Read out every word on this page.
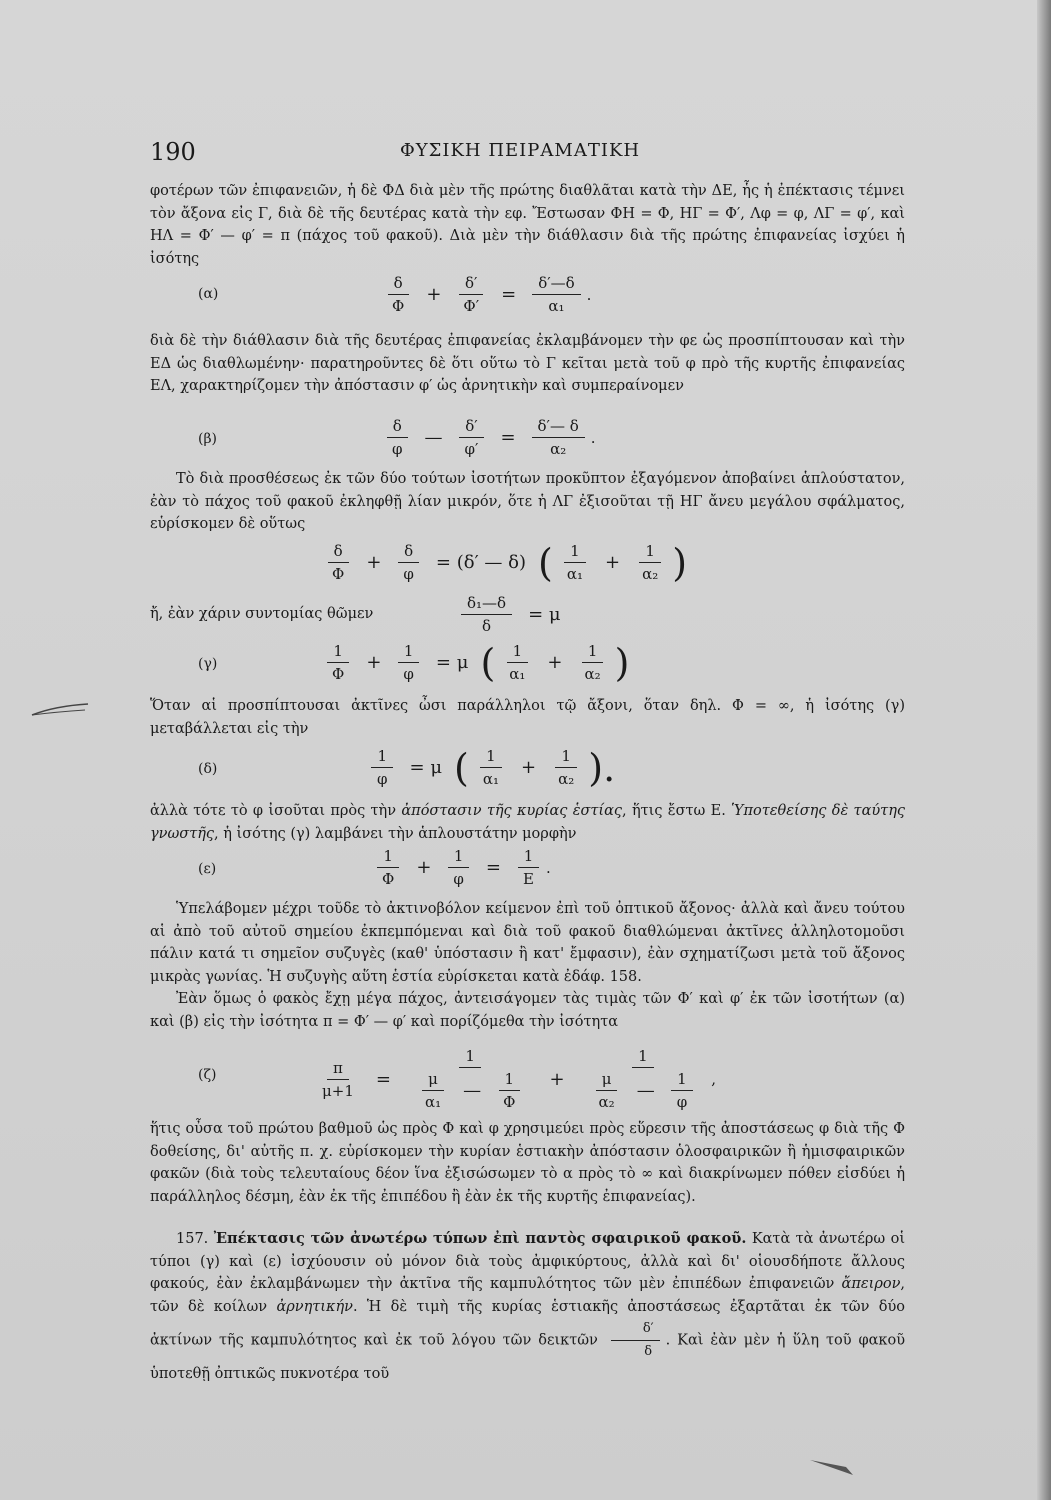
190	ΦΥΣΙΚΗ ΠΕΙΡΑΜΑΤΙΚΗ

φοτέρων τῶν ἐπιφανειῶν, ἡ δὲ ΦΔ διὰ μὲν τῆς πρώτης διαθλᾶται κατὰ τὴν ΔΕ, ἧς ἡ ἐπέκτασις τέμνει τὸν ἄξονα εἰς Γ, διὰ δὲ τῆς δευτέρας κατὰ τὴν εφ. Ἔστωσαν ΦΗ = Φ, ΗΓ = Φ′, Λφ = φ, ΛΓ = φ′, καὶ ΗΛ = Φ′ — φ′ = π (πάχος τοῦ φακοῦ). Διὰ μὲν τὴν διάθλασιν διὰ τῆς πρώτης ἐπιφανείας ἰσχύει ἡ ἰσότης

(α)	$\frac{\delta}{\Phi} + \frac{\delta'}{\Phi'} = \frac{\delta'—\delta}{\text{α₁}}$ .

διὰ δὲ τὴν διάθλασιν διὰ τῆς δευτέρας ἐπιφανείας ἐκλαμβάνομεν τὴν φε ὡς προσπίπτουσαν καὶ τὴν ΕΔ ὡς διαθλωμένην· παρατηροῦντες δὲ ὅτι οὕτω τὸ Γ κεῖται μετὰ τοῦ φ πρὸ τῆς κυρτῆς ἐπιφανείας ΕΛ, χαρακτηρίζομεν τὴν ἀπόστασιν φ′ ὡς ἀρνητικὴν καὶ συμπεραίνομεν

(β)	$\frac{\delta}{\varphi}$ — $\frac{\delta'}{\varphi'} = \frac{\delta'— \delta}{\text{α₂}}$ .

Τὸ διὰ προσθέσεως ἐκ τῶν δύο τούτων ἰσοτήτων προκῦπτον ἐξαγόμενον ἀποβαίνει ἁπλούστατον, ἐὰν τὸ πάχος τοῦ φακοῦ ἐκληφθῇ λίαν μικρόν, ὅτε ἡ ΛΓ ἐξισοῦται τῇ ΗΓ ἄνευ μεγάλου σφάλματος, εὑρίσκομεν δὲ οὕτως

$\frac{\delta}{\Phi} + \frac{\delta}{\varphi} = (\delta'$ — δ) ( $\frac{1}{\text{α₁}} + \frac{1}{\text{α₂}}$ )
ἤ, ἐὰν χάριν συντομίας θῶμεν	$\frac{\text{δ₁—δ}}{\delta} = \mu$
(γ)	$\frac{1}{\Phi} + \frac{1}{\varphi} = \mu$ ( $\frac{1}{\text{α₁}} + \frac{1}{\text{α₂}}$ )

Ὅταν αἱ προσπίπτουσαι ἀκτῖνες ὦσι παράλληλοι τῷ ἄξονι, ὅταν δηλ. Φ = ∞, ἡ ἰσότης (γ) μεταβάλλεται εἰς τὴν

(δ)	$\frac{1}{\varphi} = \mu$ ( $\frac{1}{\text{α₁}} + \frac{1}{\text{α₂}}$ ).

ἀλλὰ τότε τὸ φ ἰσοῦται πρὸς τὴν ἀπόστασιν τῆς κυρίας ἑστίας, ἥτις ἔστω Ε. Ὑποτεθείσης δὲ ταύτης γνωστῆς, ἡ ἰσότης (γ) λαμβάνει τὴν ἁπλουστάτην μορφὴν

(ε)	$\frac{1}{\Phi} + \frac{1}{\varphi} = \frac{1}{E}$ .

Ὑπελάβομεν μέχρι τοῦδε τὸ ἀκτινοβόλον κείμενον ἐπὶ τοῦ ὀπτικοῦ ἄξονος· ἀλλὰ καὶ ἄνευ τούτου αἱ ἀπὸ τοῦ αὐτοῦ σημείου ἐκπεμπόμεναι καὶ διὰ τοῦ φακοῦ διαθλώμεναι ἀκτῖνες ἀλληλοτομοῦσι πάλιν κατά τι σημεῖον συζυγὲς (καθ' ὑπόστασιν ἢ κατ' ἔμφασιν), ἐὰν σχηματίζωσι μετὰ τοῦ ἄξονος μικρὰς γωνίας. Ἡ συζυγὴς αὕτη ἑστία εὑρίσκεται κατὰ ἐδάφ. 158.

Ἐὰν ὅμως ὁ φακὸς ἔχῃ μέγα πάχος, ἀντεισάγομεν τὰς τιμὰς τῶν Φ′ καὶ φ′ ἐκ τῶν ἰσοτήτων (α) καὶ (β) εἰς τὴν ἰσότητα π = Φ′ — φ′ καὶ πορίζόμεθα τὴν ἰσότητα

(ζ)	$\frac{\pi}{\mu+1} = \frac{1}{\frac{\mu}{\text{α₁}} — \frac{1}{\Phi}} + \frac{1}{\frac{\mu}{\text{α₂}} — \frac{1}{\varphi}}$ ,

ἥτις οὖσα τοῦ πρώτου βαθμοῦ ὡς πρὸς Φ καὶ φ χρησιμεύει πρὸς εὕρεσιν τῆς ἀποστάσεως φ διὰ τῆς Φ δοθείσης, δι' αὐτῆς π. χ. εὑρίσκομεν τὴν κυρίαν ἑστιακὴν ἀπόστασιν ὁλοσφαιρικῶν ἢ ἡμισφαιρικῶν φακῶν (διὰ τοὺς τελευταίους δέον ἵνα ἐξισώσωμεν τὸ α πρὸς τὸ ∞ καὶ διακρίνωμεν πόθεν εἰσδύει ἡ παράλληλος δέσμη, ἐὰν ἐκ τῆς ἐπιπέδου ἢ ἐὰν ἐκ τῆς κυρτῆς ἐπιφανείας).

157. Ἐπέκτασις τῶν ἀνωτέρω τύπων ἐπὶ παντὸς σφαιρικοῦ φακοῦ. Κατὰ τὰ ἀνωτέρω οἱ τύποι (γ) καὶ (ε) ἰσχύουσιν οὐ μόνον διὰ τοὺς ἀμφικύρτους, ἀλλὰ καὶ δι' οἱουσδήποτε ἄλλους φακούς, ἐὰν ἐκλαμβάνωμεν τὴν ἀκτῖνα τῆς καμπυλότητος τῶν μὲν ἐπιπέδων ἐπιφανειῶν ἄπειρον, τῶν δὲ κοίλων ἀρνητικήν. Ἡ δὲ τιμὴ τῆς κυρίας ἑστιακῆς ἀποστάσεως ἐξαρτᾶται ἐκ τῶν δύο ἀκτίνων τῆς καμπυλότητος καὶ ἐκ τοῦ λόγου τῶν δεικτῶν $\frac{\delta'}{\delta}$ . Καὶ ἐὰν μὲν ἡ ὕλη τοῦ φακοῦ ὑποτεθῇ ὀπτικῶς πυκνοτέρα τοῦ
